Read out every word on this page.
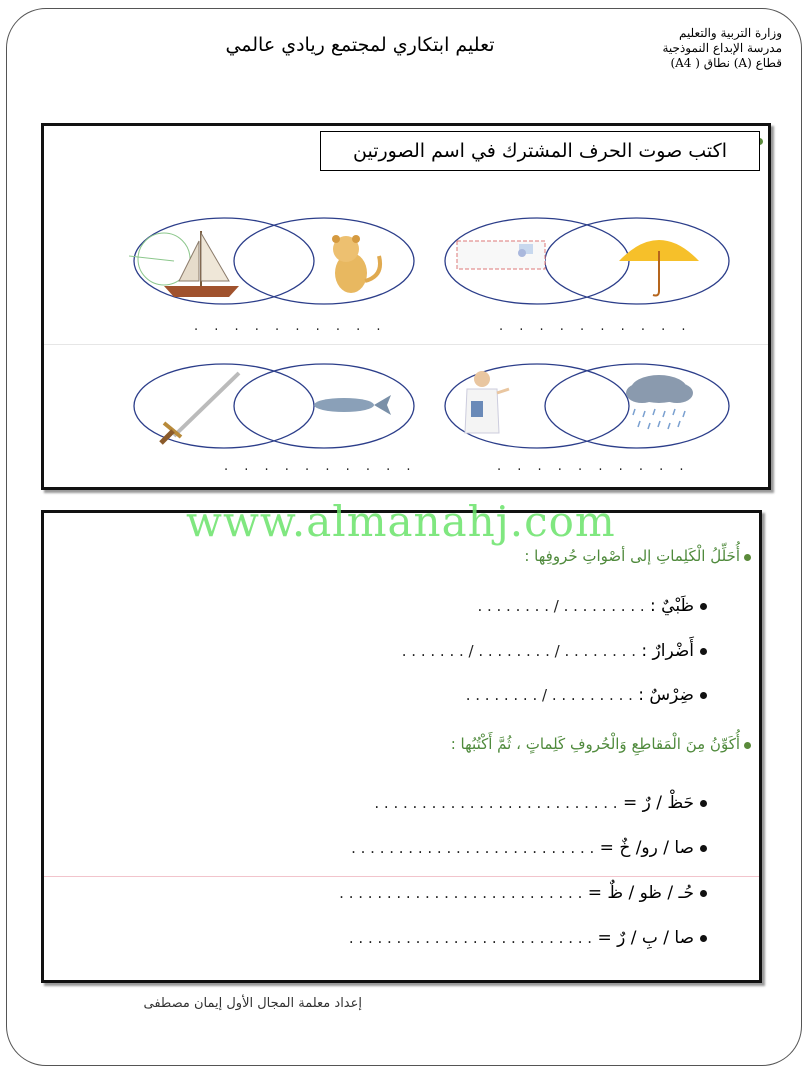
وزارة التربية والتعليم
مدرسة الإبداع النموذجية
قطاع (A) نطاق ( A4)
تعليم ابتكاري لمجتمع ريادي عالمي
اكتب صوت الحرف المشترك في اسم الصورتين
. . . . . . . . . .	. . . . . . . . . .
. . . . . . . . . .	. . . . . . . . . .
أُحَلِّلُ الْكَلِماتِ إلى أصْواتِ حُروفِها :
ظَبْيٌ : . . . . . . . . . / . . . . . . . .
أَضْرارٌ : . . . . . . . . / . . . . . . . . / . . . . . . .
ضِرْسٌ : . . . . . . . . . / . . . . . . . .
أُكَوِّنُ مِنَ الْمَقاطِعِ وَالْحُروفِ كَلِماتٍ ، ثُمَّ أَكْتُبُها :
حَظْ / رٌ = . . . . . . . . . . . . . . . . . . . . . . . . . .
صا / رو/ خٌ = . . . . . . . . . . . . . . . . . . . . . . . . . .
حُـ / ظو / ظٌ = . . . . . . . . . . . . . . . . . . . . . . . . . .
صا / بِ / رٌ = . . . . . . . . . . . . . . . . . . . . . . . . . .
www.almanahj.com
إعداد معلمة المجال الأول إيمان مصطفى
